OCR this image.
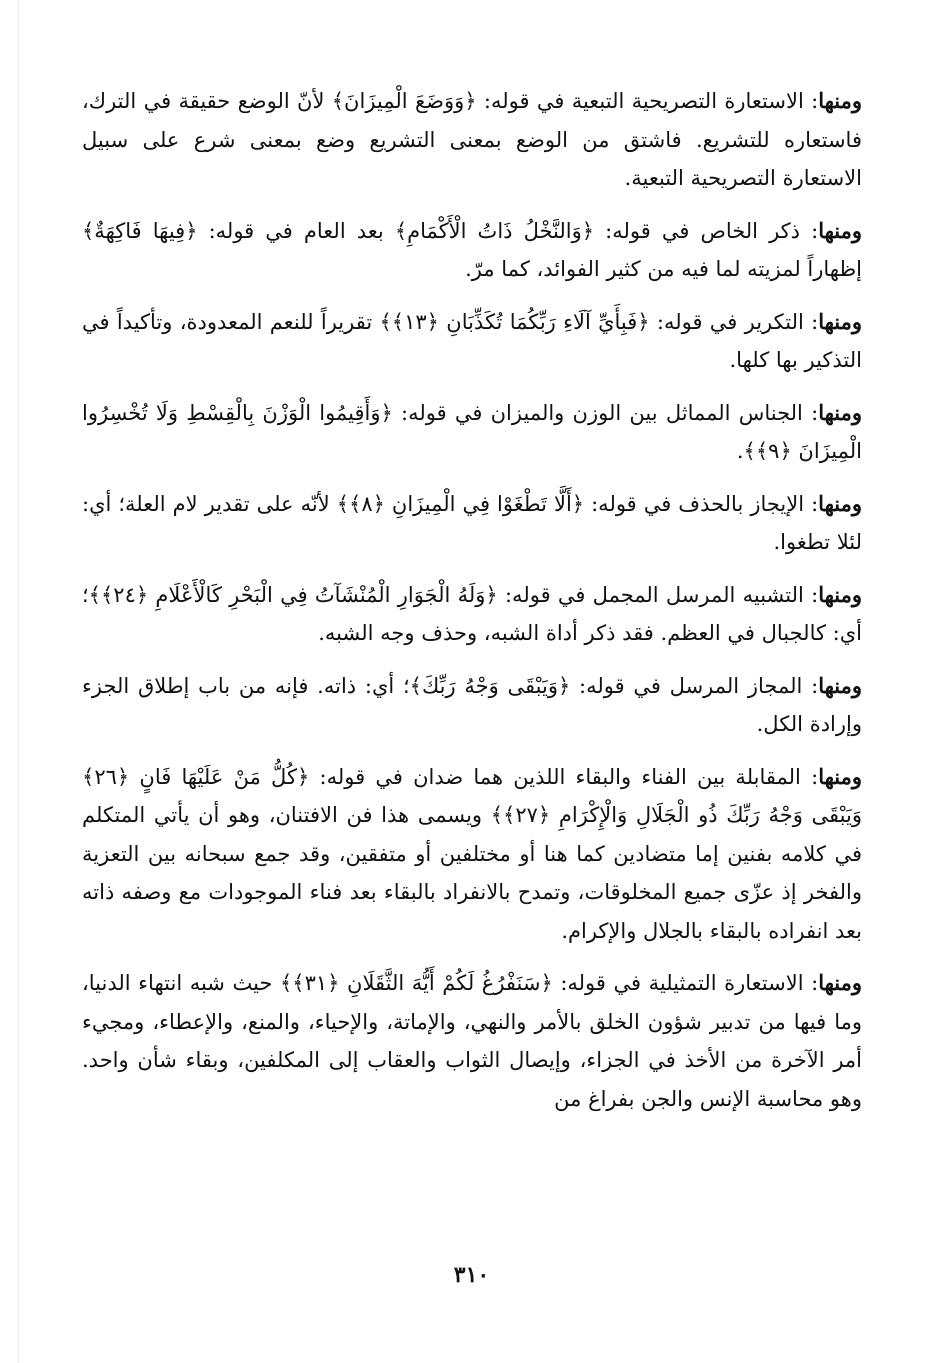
ومنها: الاستعارة التصريحية التبعية في قوله: ﴿وَوَضَعَ الْمِيزَانَ﴾ لأنّ الوضع حقيقة في الترك، فاستعاره للتشريع. فاشتق من الوضع بمعنى التشريع وضع بمعنى شرع على سبيل الاستعارة التصريحية التبعية.

ومنها: ذكر الخاص في قوله: ﴿وَالنَّخْلُ ذَاتُ الْأَكْمَامِ﴾ بعد العام في قوله: ﴿فِيهَا فَاكِهَةٌ﴾ إظهاراً لمزيته لما فيه من كثير الفوائد، كما مرّ.

ومنها: التكرير في قوله: ﴿فَبِأَيِّ آلَاءِ رَبِّكُمَا تُكَذِّبَانِ ﴿١٣﴾﴾ تقريراً للنعم المعدودة، وتأكيداً في التذكير بها كلها.

ومنها: الجناس المماثل بين الوزن والميزان في قوله: ﴿وَأَقِيمُوا الْوَزْنَ بِالْقِسْطِ وَلَا تُخْسِرُوا الْمِيزَانَ ﴿٩﴾﴾.

ومنها: الإيجاز بالحذف في قوله: ﴿أَلَّا تَطْغَوْا فِي الْمِيزَانِ ﴿٨﴾﴾ لأنّه على تقدير لام العلة؛ أي: لئلا تطغوا.

ومنها: التشبيه المرسل المجمل في قوله: ﴿وَلَهُ الْجَوَارِ الْمُنْشَآتُ فِي الْبَحْرِ كَالْأَعْلَامِ ﴿٢٤﴾﴾؛ أي: كالجبال في العظم. فقد ذكر أداة الشبه، وحذف وجه الشبه.

ومنها: المجاز المرسل في قوله: ﴿وَيَبْقَى وَجْهُ رَبِّكَ﴾؛ أي: ذاته. فإنه من باب إطلاق الجزء وإرادة الكل.

ومنها: المقابلة بين الفناء والبقاء اللذين هما ضدان في قوله: ﴿كُلُّ مَنْ عَلَيْهَا فَانٍ ﴿٢٦﴾ وَيَبْقَى وَجْهُ رَبِّكَ ذُو الْجَلَالِ وَالْإِكْرَامِ ﴿٢٧﴾﴾ ويسمى هذا فن الافتنان، وهو أن يأتي المتكلم في كلامه بفنين إما متضادين كما هنا أو مختلفين أو متفقين، وقد جمع سبحانه بين التعزية والفخر إذ عزّى جميع المخلوقات، وتمدح بالانفراد بالبقاء بعد فناء الموجودات مع وصفه ذاته بعد انفراده بالبقاء بالجلال والإكرام.

ومنها: الاستعارة التمثيلية في قوله: ﴿سَنَفْرُغُ لَكُمْ أَيُّهَ الثَّقَلَانِ ﴿٣١﴾﴾ حيث شبه انتهاء الدنيا، وما فيها من تدبير شؤون الخلق بالأمر والنهي، والإماتة، والإحياء، والمنع، والإعطاء، ومجيء أمر الآخرة من الأخذ في الجزاء، وإيصال الثواب والعقاب إلى المكلفين، وبقاء شأن واحد. وهو محاسبة الإنس والجن بفراغ من

٣١٠
